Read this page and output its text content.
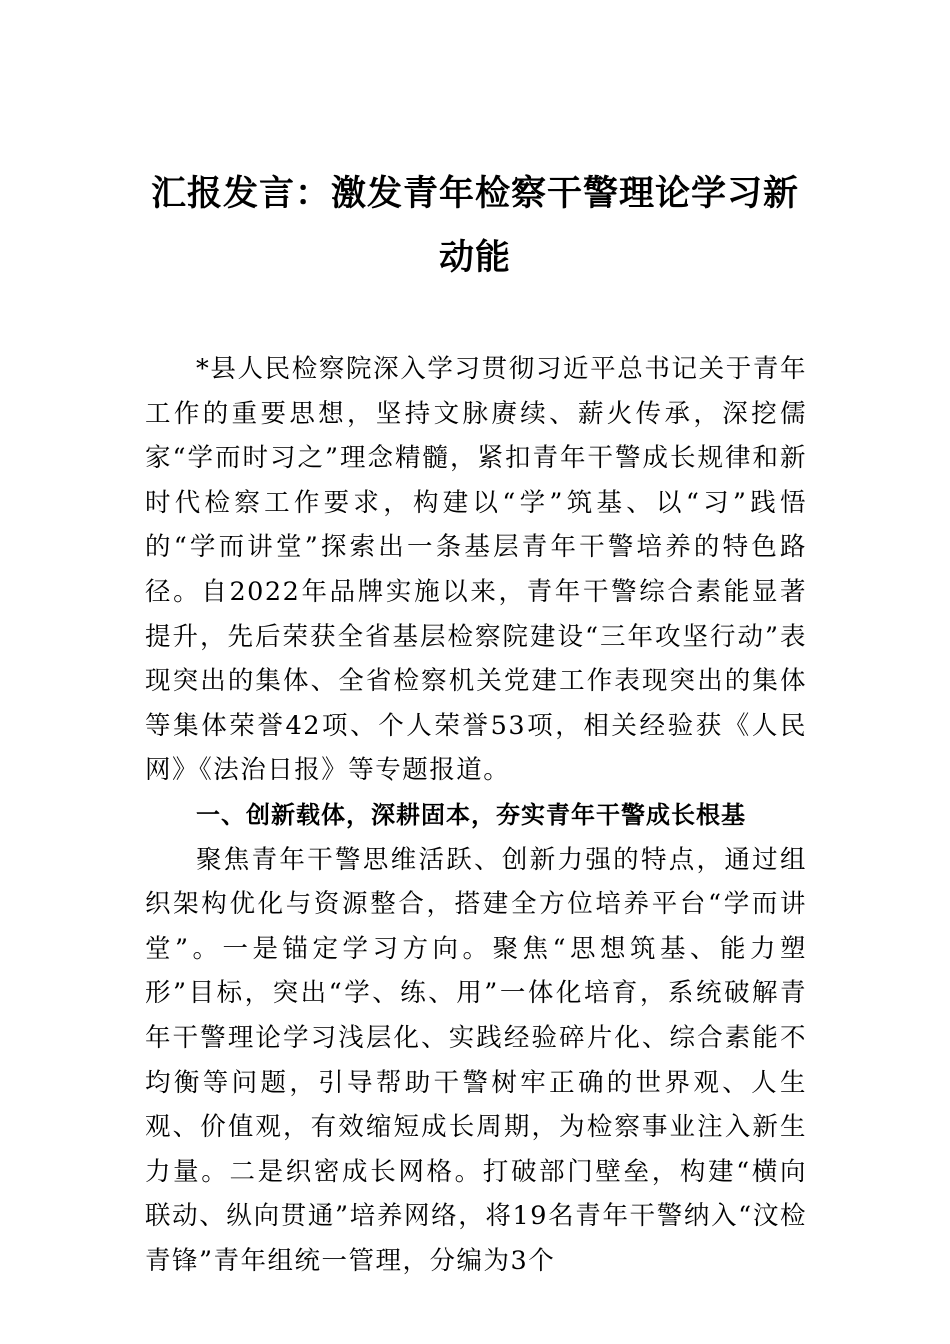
汇报发言：激发青年检察干警理论学习新
动能

*县人民检察院深入学习贯彻习近平总书记关于青年工作的重要思想，坚持文脉赓续、薪火传承，深挖儒家“学而时习之”理念精髓，紧扣青年干警成长规律和新时代检察工作要求，构建以“学”筑基、以“习”践悟的“学而讲堂”探索出一条基层青年干警培养的特色路径。自2022年品牌实施以来，青年干警综合素能显著提升，先后荣获全省基层检察院建设“三年攻坚行动”表现突出的集体、全省检察机关党建工作表现突出的集体等集体荣誉42项、个人荣誉53项，相关经验获《人民网》《法治日报》等专题报道。

一、创新载体，深耕固本，夯实青年干警成长根基

聚焦青年干警思维活跃、创新力强的特点，通过组织架构优化与资源整合，搭建全方位培养平台“学而讲堂”。一是锚定学习方向。聚焦“思想筑基、能力塑形”目标，突出“学、练、用”一体化培育，系统破解青年干警理论学习浅层化、实践经验碎片化、综合素能不均衡等问题，引导帮助干警树牢正确的世界观、人生观、价值观，有效缩短成长周期，为检察事业注入新生力量。二是织密成长网格。打破部门壁垒，构建“横向联动、纵向贯通”培养网络，将19名青年干警纳入“汶检青锋”青年组统一管理，分编为3个
